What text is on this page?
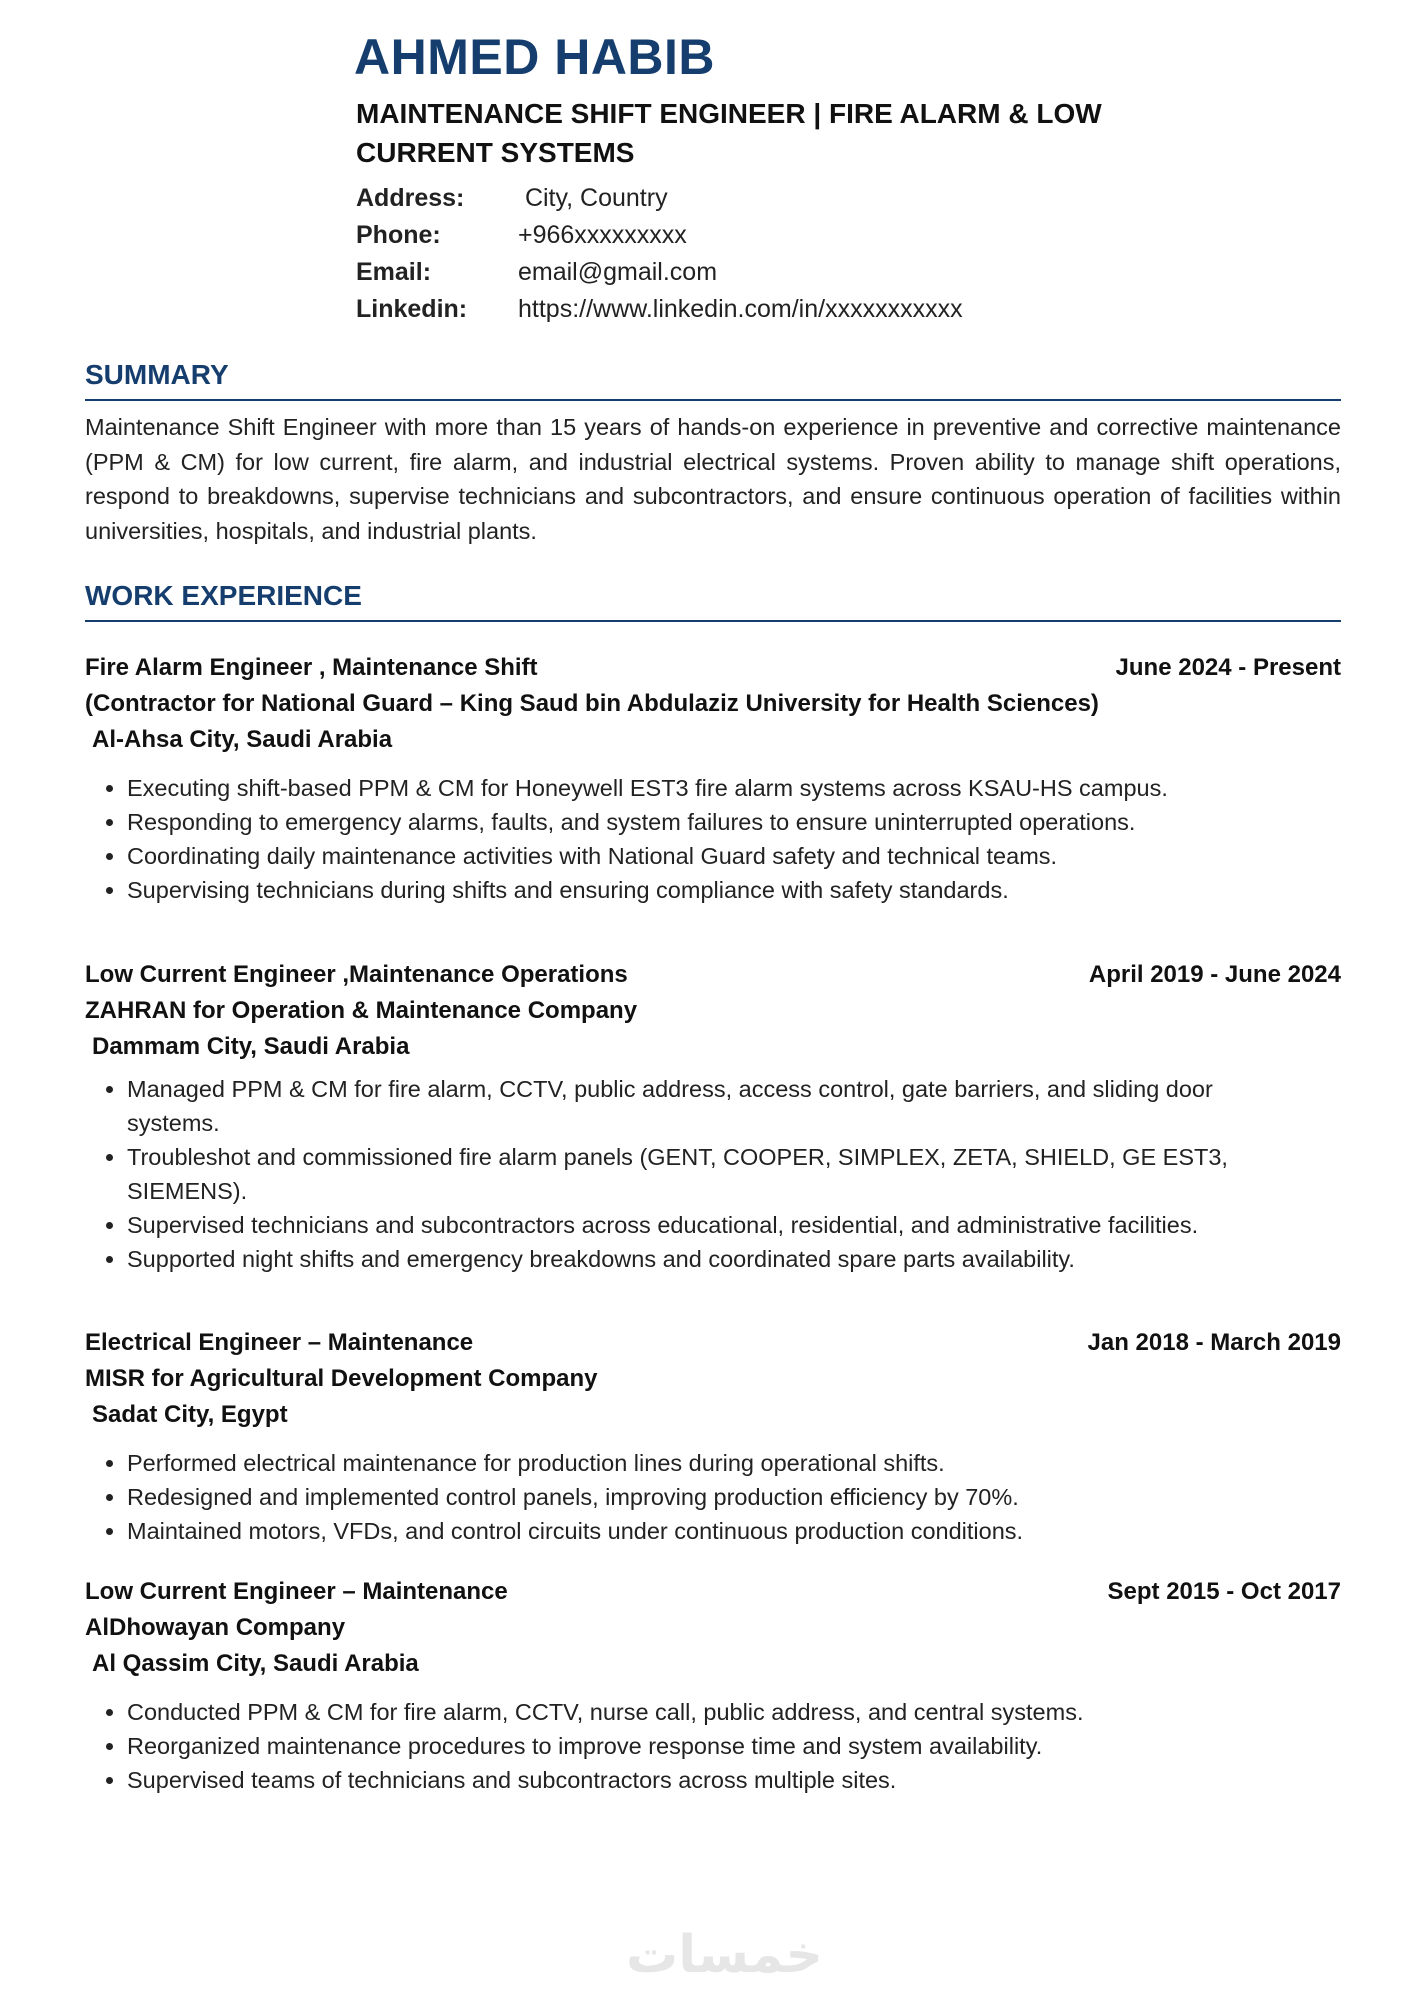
AHMED HABIB
MAINTENANCE SHIFT ENGINEER | FIRE ALARM & LOW CURRENT SYSTEMS
Address:	City, Country
Phone:	+966xxxxxxxxx
Email:	email@gmail.com
Linkedin:	https://www.linkedin.com/in/xxxxxxxxxxx
SUMMARY
Maintenance Shift Engineer with more than 15 years of hands-on experience in preventive and corrective maintenance (PPM & CM) for low current, fire alarm, and industrial electrical systems. Proven ability to manage shift operations, respond to breakdowns, supervise technicians and subcontractors, and ensure continuous operation of facilities within universities, hospitals, and industrial plants.
WORK EXPERIENCE
Fire Alarm Engineer , Maintenance Shift	June 2024 - Present
(Contractor for National Guard – King Saud bin Abdulaziz University for Health Sciences)
Al-Ahsa City, Saudi Arabia
• Executing shift-based PPM & CM for Honeywell EST3 fire alarm systems across KSAU-HS campus.
• Responding to emergency alarms, faults, and system failures to ensure uninterrupted operations.
• Coordinating daily maintenance activities with National Guard safety and technical teams.
• Supervising technicians during shifts and ensuring compliance with safety standards.
Low Current Engineer ,Maintenance Operations	April 2019 - June 2024
ZAHRAN for Operation & Maintenance Company
Dammam City, Saudi Arabia
• Managed PPM & CM for fire alarm, CCTV, public address, access control, gate barriers, and sliding door systems.
• Troubleshot and commissioned fire alarm panels (GENT, COOPER, SIMPLEX, ZETA, SHIELD, GE EST3, SIEMENS).
• Supervised technicians and subcontractors across educational, residential, and administrative facilities.
• Supported night shifts and emergency breakdowns and coordinated spare parts availability.
Electrical Engineer – Maintenance	Jan 2018 - March 2019
MISR for Agricultural Development Company
Sadat City, Egypt
• Performed electrical maintenance for production lines during operational shifts.
• Redesigned and implemented control panels, improving production efficiency by 70%.
• Maintained motors, VFDs, and control circuits under continuous production conditions.
Low Current Engineer – Maintenance	Sept 2015 - Oct 2017
AlDhowayan Company
Al Qassim City, Saudi Arabia
• Conducted PPM & CM for fire alarm, CCTV, nurse call, public address, and central systems.
• Reorganized maintenance procedures to improve response time and system availability.
• Supervised teams of technicians and subcontractors across multiple sites.
خمسات
